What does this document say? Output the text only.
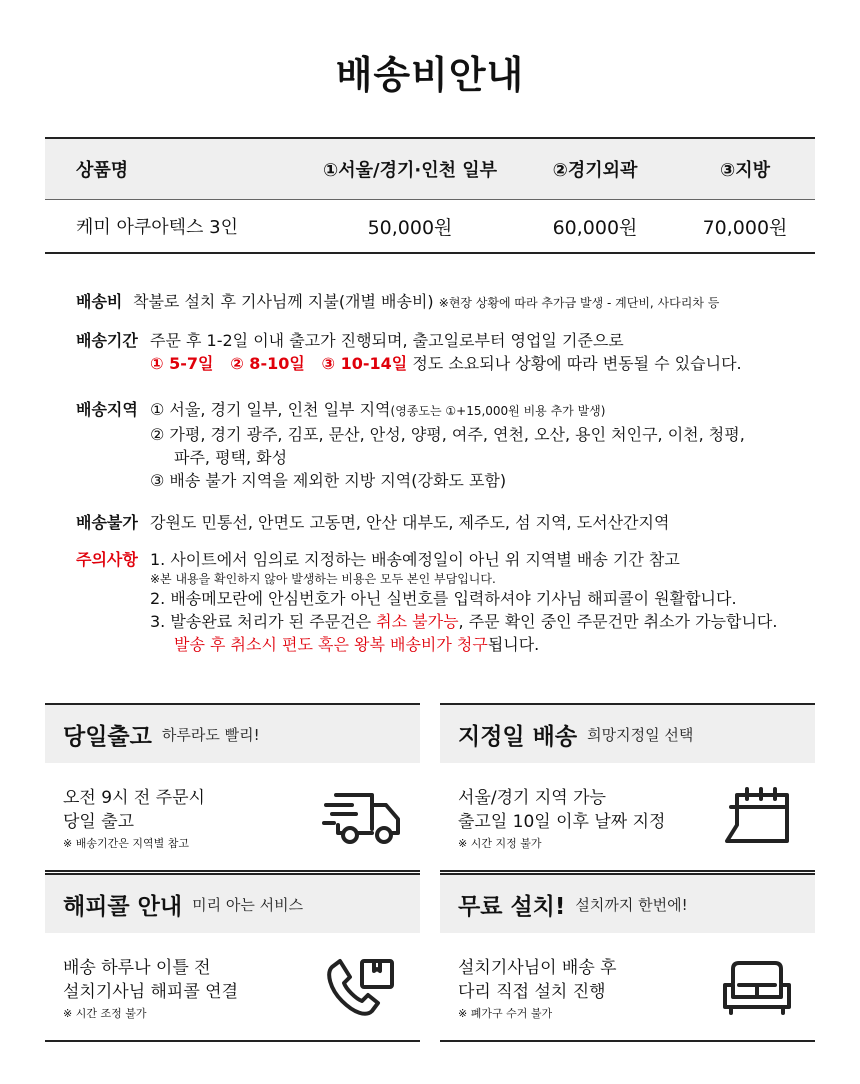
배송비안내
상품명	①서울/경기·인천 일부	②경기외곽	③지방
케미 아쿠아텍스 3인	50,000원	60,000원	70,000원
배송비 착불로 설치 후 기사님께 지불(개별 배송비) ※현장 상황에 따라 추가금 발생 - 계단비, 사다리차 등
배송기간 주문 후 1-2일 이내 출고가 진행되며, 출고일로부터 영업일 기준으로
① 5-7일   ② 8-10일   ③ 10-14일 정도 소요되나 상황에 따라 변동될 수 있습니다.
배송지역 ① 서울, 경기 일부, 인천 일부 지역(영종도는 ①+15,000원 비용 추가 발생)
② 가평, 경기 광주, 김포, 문산, 안성, 양평, 여주, 연천, 오산, 용인 처인구, 이천, 청평,
파주, 평택, 화성
③ 배송 불가 지역을 제외한 지방 지역(강화도 포함)
배송불가 강원도 민통선, 안면도 고동면, 안산 대부도, 제주도, 섬 지역, 도서산간지역
주의사항 1. 사이트에서 임의로 지정하는 배송예정일이 아닌 위 지역별 배송 기간 참고
※본 내용을 확인하지 않아 발생하는 비용은 모두 본인 부담입니다.
2. 배송메모란에 안심번호가 아닌 실번호를 입력하셔야 기사님 해피콜이 원활합니다.
3. 발송완료 처리가 된 주문건은 취소 불가능, 주문 확인 중인 주문건만 취소가 가능합니다.
발송 후 취소시 편도 혹은 왕복 배송비가 청구됩니다.
당일출고 하루라도 빨리!
오전 9시 전 주문시
당일 출고
※ 배송기간은 지역별 참고
지정일 배송 희망지정일 선택
서울/경기 지역 가능
출고일 10일 이후 날짜 지정
※ 시간 지정 불가
해피콜 안내 미리 아는 서비스
배송 하루나 이틀 전
설치기사님 해피콜 연결
※ 시간 조정 불가
무료 설치! 설치까지 한번에!
설치기사님이 배송 후
다리 직접 설치 진행
※ 폐가구 수거 불가
